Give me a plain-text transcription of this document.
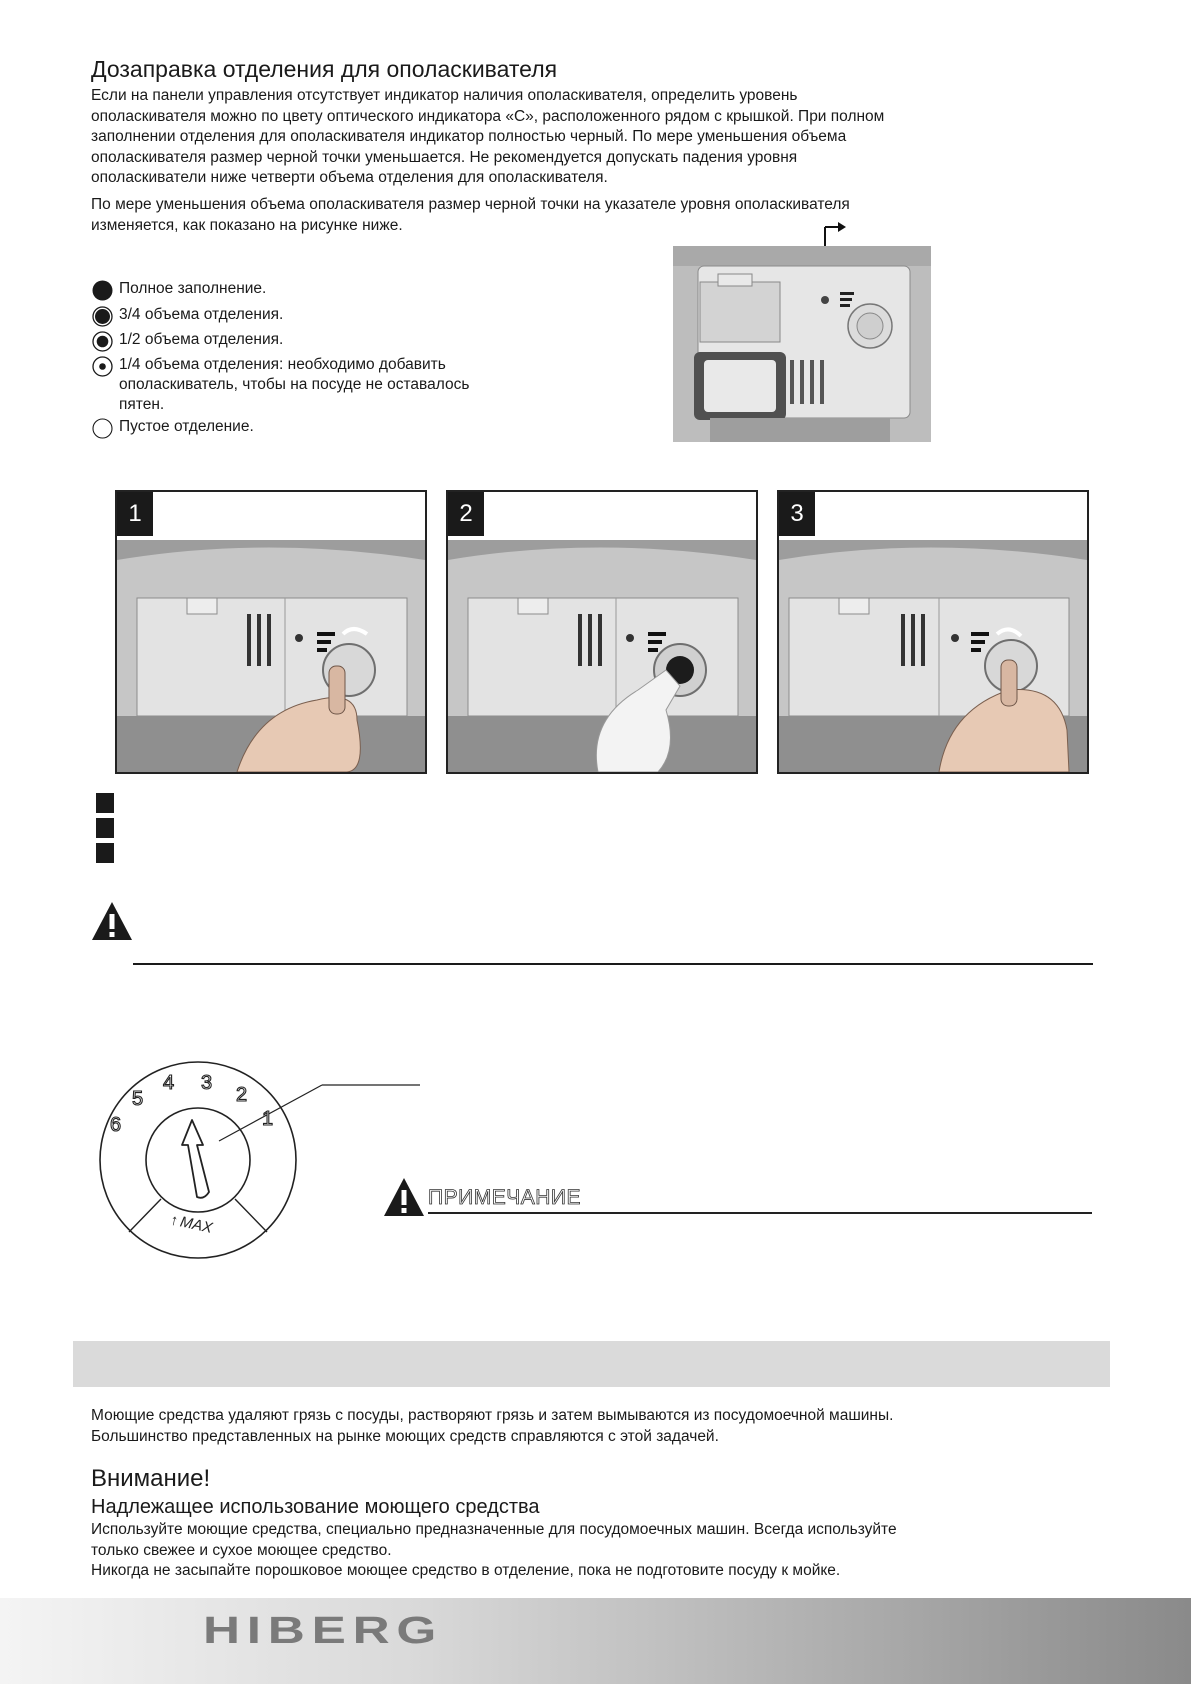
Дозаправка отделения для ополаскивателя

Если на панели управления отсутствует индикатор наличия ополаскивателя, определить уровень

ополаскивателя можно по цвету оптического индикатора «С», расположенного рядом с крышкой. При полном

заполнении отделения для ополаскивателя индикатор полностью черный. По мере уменьшения объема

ополаскивателя размер черной точки уменьшается. Не рекомендуется допускать падения уровня

ополаскиватели ниже четверти объема отделения для ополаскивателя.

По мере уменьшения объема ополаскивателя размер черной точки на указателе уровня ополаскивателя

изменяется, как показано на рисунке ниже.

Полное заполнение.
3/4 объема отделения.
1/2 объема отделения.
1/4 объема отделения: необходимо добавить
ополаскиватель, чтобы на посуде не оставалось
пятен.
Пустое отделение.
1	2	3
6
5
4 3
2
1
↑
MAX
ПРИМЕЧАНИЕ

Моющие средства удаляют грязь с посуды, растворяют грязь и затем вымываются из посудомоечной машины.

Большинство представленных на рынке моющих средств справляются с этой задачей.

Внимание!
Надлежащее использование моющего средства

Используйте моющие средства, специально предназначенные для посудомоечных машин. Всегда используйте

только свежее и сухое моющее средство.

Никогда не засыпайте порошковое моющее средство в отделение, пока не подготовите посуду к мойке.

HIBERG
